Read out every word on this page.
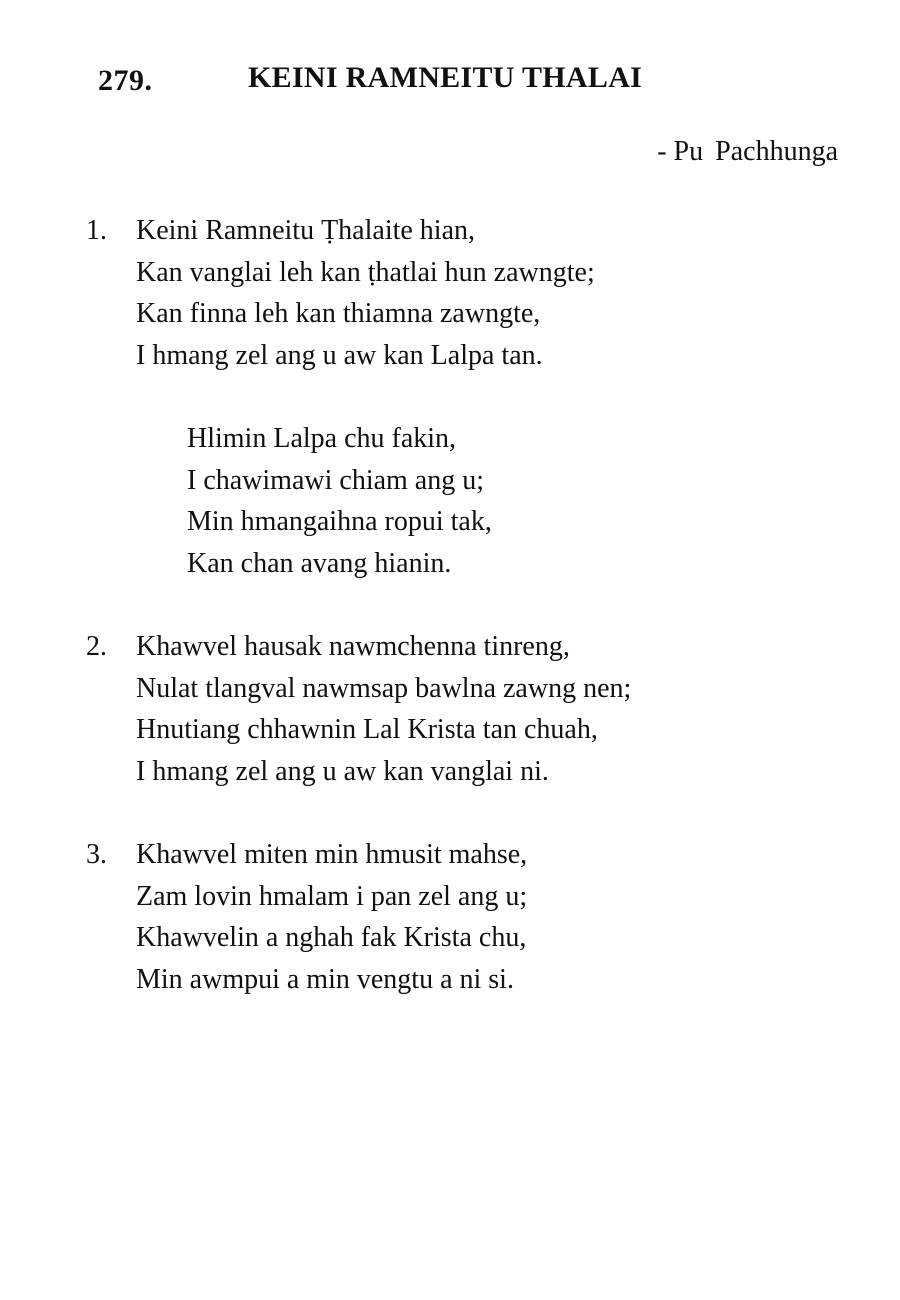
279.	KEINI RAMNEITU THALAI
- Pu Pachhunga
1. Keini Ramneitu Ṭhalaite hian,
Kan vanglai leh kan ṭhatlai hun zawngte;
Kan finna leh kan thiamna zawngte,
I hmang zel ang u aw kan Lalpa tan.
Hlimin Lalpa chu fakin,
I chawimawi chiam ang u;
Min hmangaihna ropui tak,
Kan chan avang hianin.
2. Khawvel hausak nawmchenna tinreng,
Nulat tlangval nawmsap bawlna zawng nen;
Hnutiang chhawnin Lal Krista tan chuah,
I hmang zel ang u aw kan vanglai ni.
3. Khawvel miten min hmusit mahse,
Zam lovin hmalam i pan zel ang u;
Khawvelin a nghah fak Krista chu,
Min awmpui a min vengtu a ni si.
